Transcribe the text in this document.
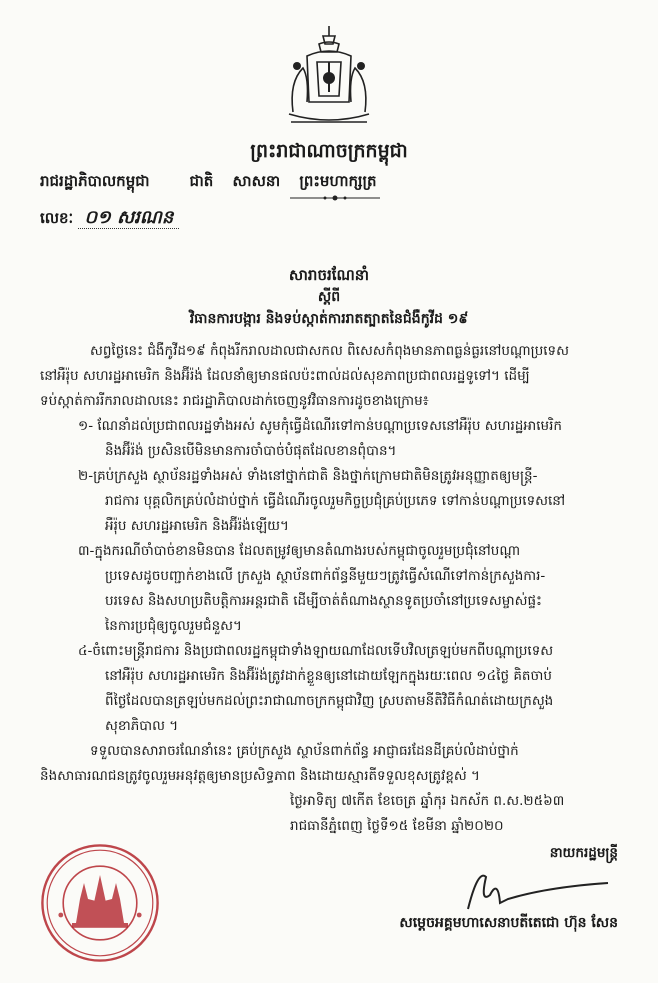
ព្រះរាជាណាចក្រកម្ពុជា
រាជរដ្ឋាភិបាលកម្ពុជា	ជាតិ សាសនា ព្រះមហាក្សត្រ
លេខៈ ០១ សរណន
សារាចរណែនាំ
ស្តីពី
វិធានការបង្ការ និងទប់ស្កាត់ការរាតត្បាតនៃជំងឺកូវីដ ១៩
សព្វថ្ងៃនេះ ជំងឺកូវីដ១៩ កំពុងរីករាលដាលជាសកល ពិសេសកំពុងមានភាពធ្ងន់ធ្ងរនៅបណ្តាប្រទេស
នៅអឺរ៉ុប សហរដ្ឋអាមេរិក និងអ៊ីរ៉ង់ ដែលនាំឲ្យមានផលប៉ះពាល់ដល់សុខភាពប្រជាពលរដ្ឋទូទៅ។ ដើម្បី
ទប់ស្កាត់ការរីករាលដាលនេះ រាជរដ្ឋាភិបាលដាក់ចេញនូវវិធានការដូចខាងក្រោម៖
១- ណែនាំដល់ប្រជាពលរដ្ឋទាំងអស់ សូមកុំធ្វើដំណើរទៅកាន់បណ្តាប្រទេសនៅអឺរ៉ុប សហរដ្ឋអាមេរិក
និងអ៊ីរ៉ង់ ប្រសិនបើមិនមានការចាំបាច់បំផុតដែលខានពុំបាន។
២-គ្រប់ក្រសួង ស្ថាប័នរដ្ឋទាំងអស់ ទាំងនៅថ្នាក់ជាតិ និងថ្នាក់ក្រោមជាតិមិនត្រូវអនុញ្ញាតឲ្យមន្ត្រី-
រាជការ បុគ្គលិកគ្រប់លំដាប់ថ្នាក់ ធ្វើដំណើរចូលរួមកិច្ចប្រជុំគ្រប់ប្រភេទ ទៅកាន់បណ្តាប្រទេសនៅ
អឺរ៉ុប សហរដ្ឋអាមេរិក និងអ៊ីរ៉ង់ឡើយ។
៣-ក្នុងករណីចាំបាច់ខានមិនបាន ដែលតម្រូវឲ្យមានតំណាងរបស់កម្ពុជាចូលរួមប្រជុំនៅបណ្តា
ប្រទេសដូចបញ្ជាក់ខាងលើ ក្រសួង ស្ថាប័នពាក់ព័ន្ធនីមួយៗត្រូវធ្វើសំណើទៅកាន់ក្រសួងការ-
បរទេស និងសហប្រតិបត្តិការអន្តរជាតិ ដើម្បីចាត់តំណាងស្ថានទូតប្រចាំនៅប្រទេសម្ចាស់ផ្ទះ
នៃការប្រជុំឲ្យចូលរួមជំនួស។
៤-ចំពោះមន្ត្រីរាជការ និងប្រជាពលរដ្ឋកម្ពុជាទាំងឡាយណាដែលទើបវិលត្រឡប់មកពីបណ្តាប្រទេស
នៅអឺរ៉ុប សហរដ្ឋអាមេរិក និងអ៊ីរ៉ង់ត្រូវដាក់ខ្លួនឲ្យនៅដោយឡែកក្នុងរយៈពេល ១៤ថ្ងៃ គិតចាប់
ពីថ្ងៃដែលបានត្រឡប់មកដល់ព្រះរាជាណាចក្រកម្ពុជាវិញ ស្របតាមនីតិវិធីកំណត់ដោយក្រសួង
សុខាភិបាល ។
ទទួលបានសារាចរណែនាំនេះ គ្រប់ក្រសួង ស្ថាប័នពាក់ព័ន្ធ អាជ្ញាធរដែនដីគ្រប់លំដាប់ថ្នាក់
និងសាធារណជនត្រូវចូលរួមអនុវត្តឲ្យមានប្រសិទ្ធភាព និងដោយស្មារតីទទួលខុសត្រូវខ្ពស់ ។
ថ្ងៃអាទិត្យ ៧កើត ខែចេត្រ ឆ្នាំកុរ ឯកស័ក ព.ស.២៥៦៣
រាជធានីភ្នំពេញ ថ្ងៃទី១៥ ខែមីនា ឆ្នាំ២០២០
នាយករដ្ឋមន្ត្រី
សម្តេចអគ្គមហាសេនាបតីតេជោ ហ៊ុន សែន
